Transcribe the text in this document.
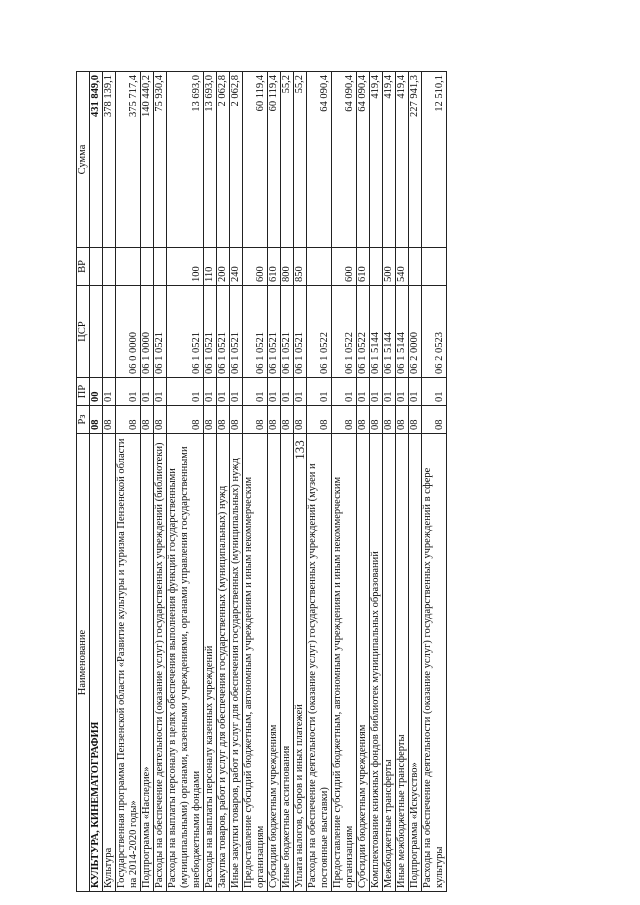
133
Наименование	Рз	ПР	ЦСР	ВР	Сумма
КУЛЬТУРА, КИНЕМАТОГРАФИЯ	08	00			431 849,0
Культура	08	01			378 139,1
Государственная программа Пензенской области «Развитие культуры и туризма Пензенской области на 2014-2020 годы»	08	01	06 0 0000		375 717,4
Подпрограмма «Наследие»	08	01	06 1 0000		140 440,2
Расходы на обеспечение деятельности (оказание услуг) государственных учреждений (библиотеки)	08	01	06 1 0521		75 930,4
Расходы на выплаты персоналу в целях обеспечения выполнения функций государственными (муниципальными) органами, казенными учреждениями, органами управления государственными внебюджетными фондами	08	01	06 1 0521	100	13 693,0
Расходы на выплаты персоналу казенных учреждений	08	01	06 1 0521	110	13 693,0
Закупка товаров, работ и услуг для обеспечения государственных (муниципальных) нужд	08	01	06 1 0521	200	2 062,8
Иные закупки товаров, работ и услуг для обеспечения государственных (муниципальных) нужд	08	01	06 1 0521	240	2 062,8
Предоставление субсидий бюджетным, автономным учреждениям и иным некоммерческим организациям	08	01	06 1 0521	600	60 119,4
Субсидии бюджетным учреждениям	08	01	06 1 0521	610	60 119,4
Иные бюджетные ассигнования	08	01	06 1 0521	800	55,2
Уплата налогов, сборов и иных платежей	08	01	06 1 0521	850	55,2
Расходы на обеспечение деятельности (оказание услуг) государственных учреждений (музеи и постоянные выставки)	08	01	06 1 0522		64 090,4
Предоставление субсидий бюджетным, автономным учреждениям и иным некоммерческим организациям	08	01	06 1 0522	600	64 090,4
Субсидии бюджетным учреждениям	08	01	06 1 0522	610	64 090,4
Комплектование книжных фондов библиотек муниципальных образований	08	01	06 1 5144		419,4
Межбюджетные трансферты	08	01	06 1 5144	500	419,4
Иные межбюджетные трансферты	08	01	06 1 5144	540	419,4
Подпрограмма «Искусство»	08	01	06 2 0000		227 941,3
Расходы на обеспечение деятельности (оказание услуг) государственных учреждений в сфере культуры	08	01	06 2 0523		12 510,1
